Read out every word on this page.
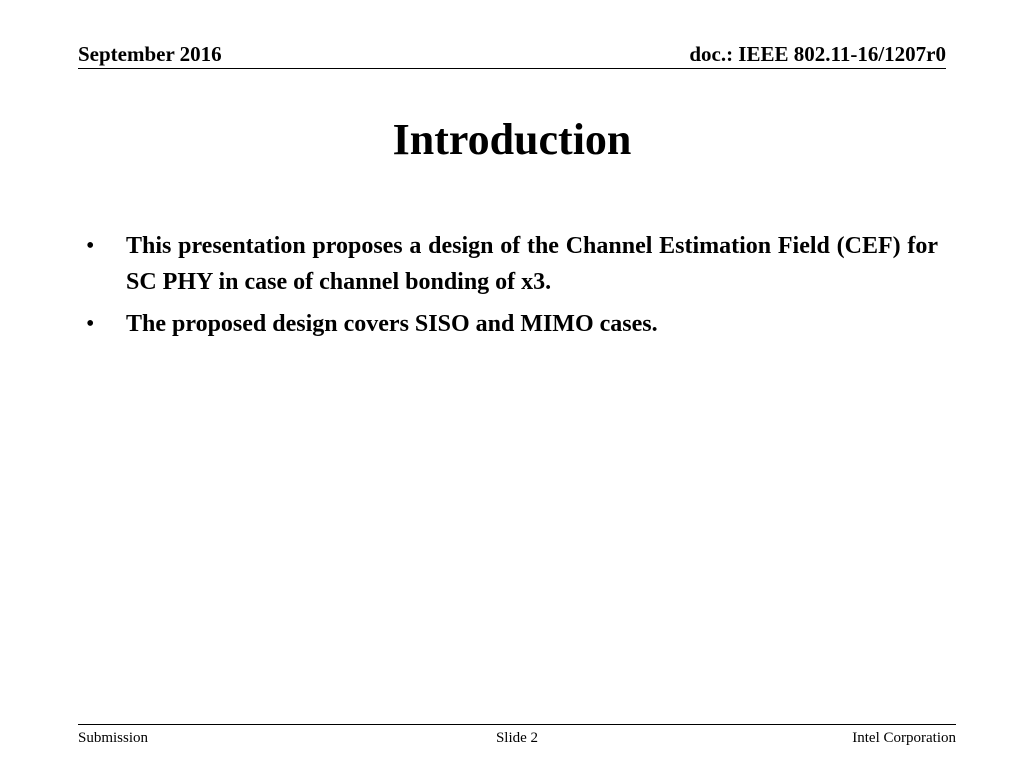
September 2016	doc.: IEEE 802.11-16/1207r0
Introduction
• This presentation proposes a design of the Channel Estimation Field (CEF) for SC PHY in case of channel bonding of x3.
• The proposed design covers SISO and MIMO cases.
Submission	Slide 2	Intel Corporation
